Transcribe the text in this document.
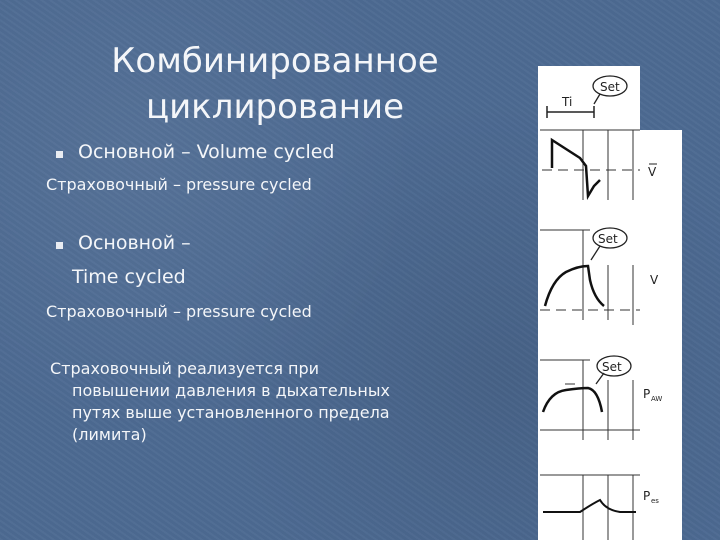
Комбинированное
циклирование
Основной – Volume cycled
Страховочный – pressure cycled
Основной –
Time cycled
Страховочный – pressure cycled
Страховочный реализуется при
повышении давления в дыхательных
путях выше установленного предела
(лимита)
Ti
Set
V
Set
V
Set
P AW
P es
